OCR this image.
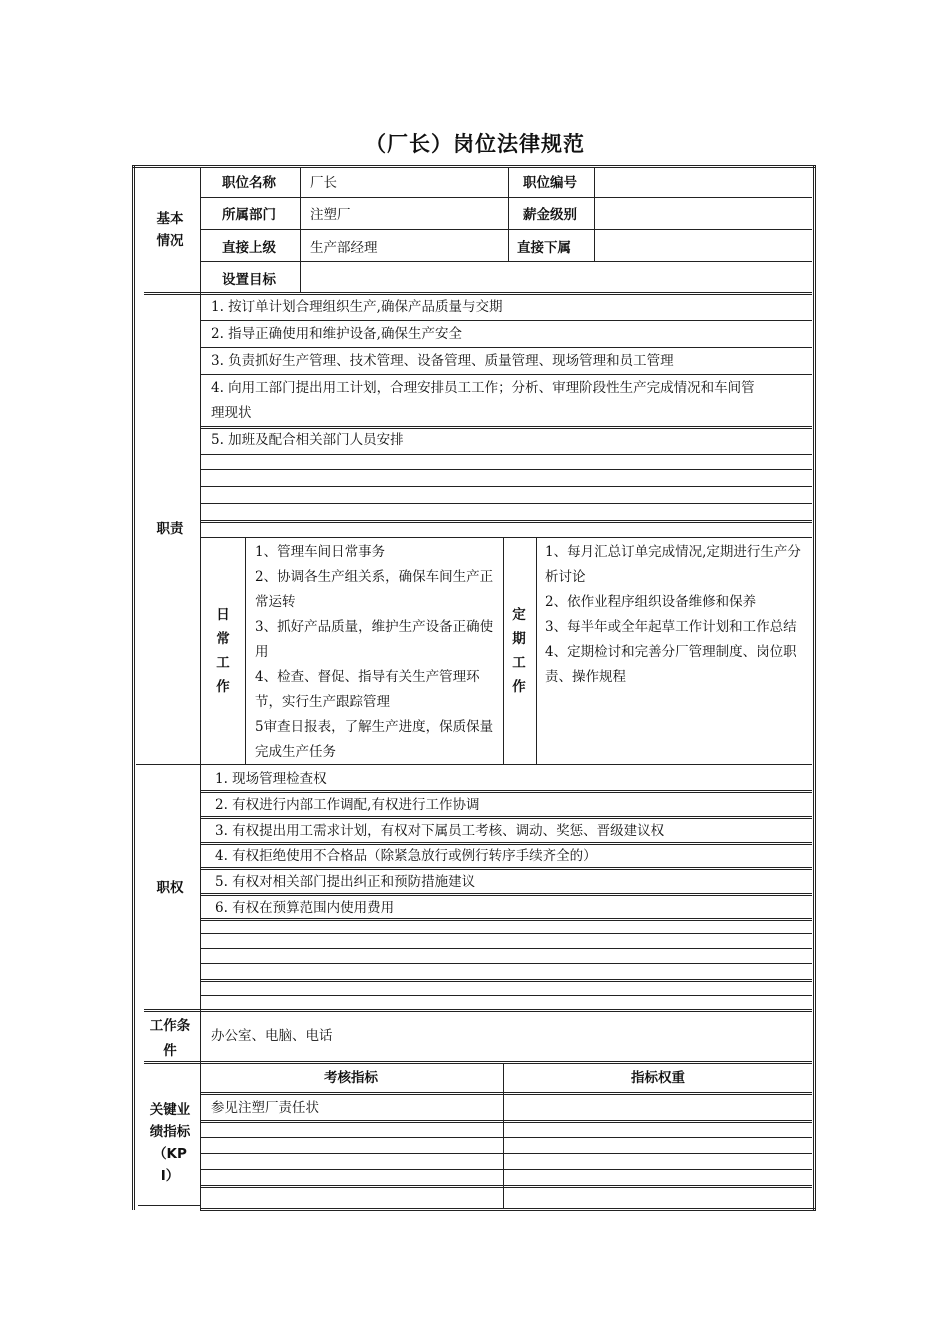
（厂长）岗位法律规范
基本情况
职位名称	厂长	职位编号
所属部门	注塑厂	薪金级别
直接上级	生产部经理	直接下属
设置目标
职责
1. 按订单计划合理组织生产,确保产品质量与交期
2. 指导正确使用和维护设备,确保生产安全
3. 负责抓好生产管理、技术管理、设备管理、质量管理、现场管理和员工管理
4. 向用工部门提出用工计划，合理安排员工工作；分析、审理阶段性生产完成情况和车间管
理现状
5. 加班及配合相关部门人员安排
日常工作
1、管理车间日常事务
2、协调各生产组关系，确保车间生产正常运转
3、抓好产品质量，维护生产设备正确使用
4、检查、督促、指导有关生产管理环节，实行生产跟踪管理
5审查日报表，了解生产进度，保质保量完成生产任务
定期工作
1、每月汇总订单完成情况,定期进行生产分析讨论
2、依作业程序组织设备维修和保养
3、每半年或全年起草工作计划和工作总结
4、定期检讨和完善分厂管理制度、岗位职责、操作规程
职权
1. 现场管理检查权
2. 有权进行内部工作调配,有权进行工作协调
3. 有权提出用工需求计划，有权对下属员工考核、调动、奖惩、晋级建议权
4. 有权拒绝使用不合格品（除紧急放行或例行转序手续齐全的）
5. 有权对相关部门提出纠正和预防措施建议
6. 有权在预算范围内使用费用
工作条
件
办公室、电脑、电话
关键业绩指标（KPI）
考核指标	指标权重
参见注塑厂责任状
